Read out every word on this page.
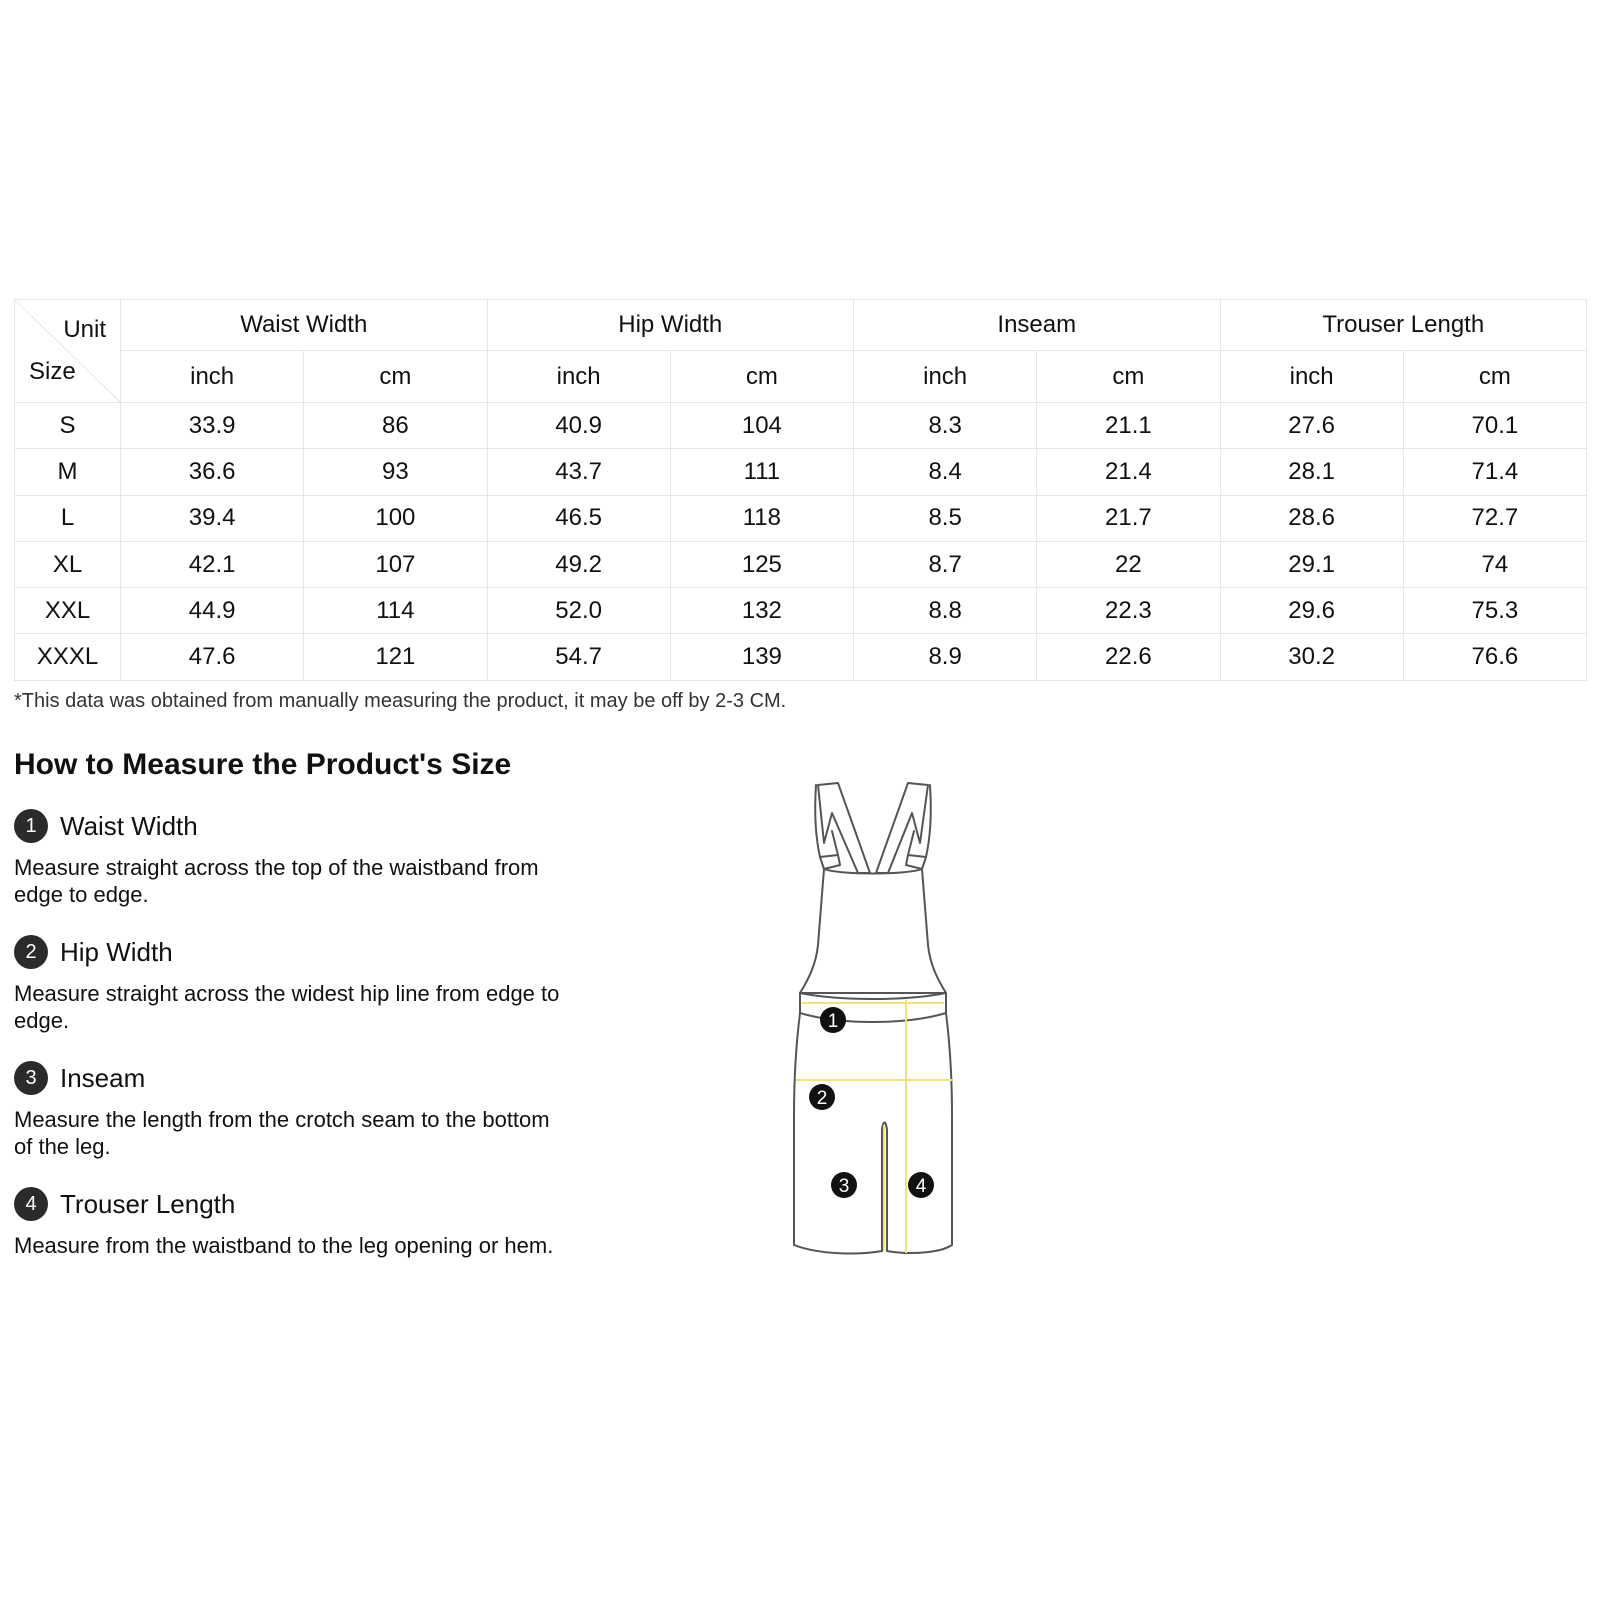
Unit
Size	Waist Width		Hip Width		Inseam		Trouser Length	
	inch	cm	inch	cm	inch	cm	inch	cm
S	33.9	86	40.9	104	8.3	21.1	27.6	70.1
M	36.6	93	43.7	111	8.4	21.4	28.1	71.4
L	39.4	100	46.5	118	8.5	21.7	28.6	72.7
XL	42.1	107	49.2	125	8.7	22	29.1	74
XXL	44.9	114	52.0	132	8.8	22.3	29.6	75.3
XXXL	47.6	121	54.7	139	8.9	22.6	30.2	76.6

*This data was obtained from manually measuring the product, it may be off by 2-3 CM.

How to Measure the Product's Size
1 Waist Width

Measure straight across the top of the waistband from edge to edge.

2 Hip Width

Measure straight across the widest hip line from edge to edge.

3 Inseam

Measure the length from the crotch seam to the bottom of the leg.

4 Trouser Length

Measure from the waistband to the leg opening or hem.

1
2
3	4
